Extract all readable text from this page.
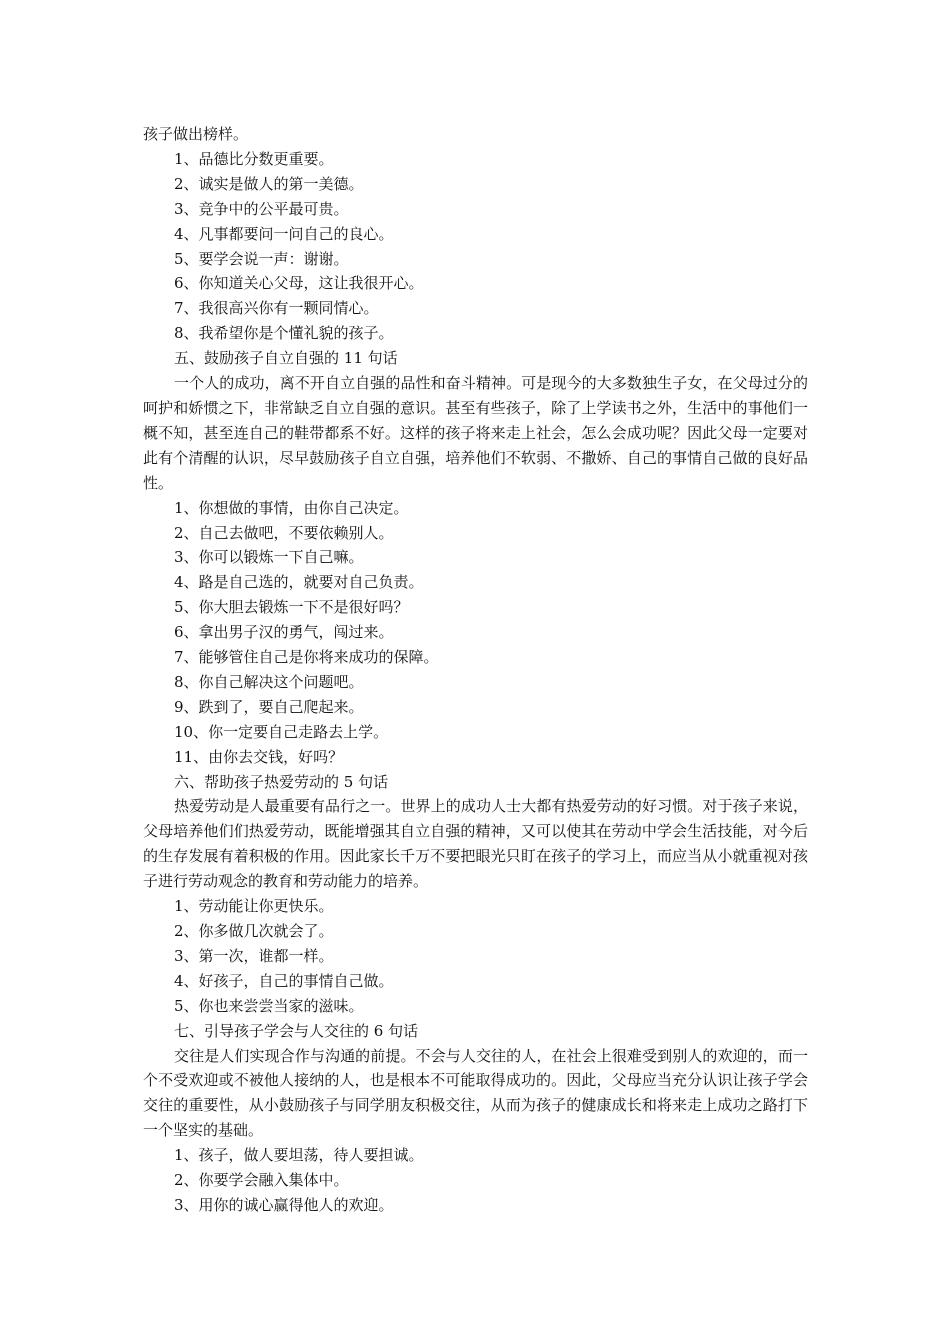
孩子做出榜样。

1、品德比分数更重要。

2、诚实是做人的第一美德。

3、竞争中的公平最可贵。

4、凡事都要问一问自己的良心。

5、要学会说一声：谢谢。

6、你知道关心父母，这让我很开心。

7、我很高兴你有一颗同情心。

8、我希望你是个懂礼貌的孩子。

五、鼓励孩子自立自强的 11 句话

一个人的成功，离不开自立自强的品性和奋斗精神。可是现今的大多数独生子女，在父母过分的呵护和娇惯之下，非常缺乏自立自强的意识。甚至有些孩子，除了上学读书之外，生活中的事他们一概不知，甚至连自己的鞋带都系不好。这样的孩子将来走上社会，怎么会成功呢？因此父母一定要对此有个清醒的认识，尽早鼓励孩子自立自强，培养他们不软弱、不撒娇、自己的事情自己做的良好品性。

1、你想做的事情，由你自己决定。

2、自己去做吧，不要依赖别人。

3、你可以锻炼一下自己嘛。

4、路是自己选的，就要对自己负责。

5、你大胆去锻炼一下不是很好吗？

6、拿出男子汉的勇气，闯过来。

7、能够管住自己是你将来成功的保障。

8、你自己解决这个问题吧。

9、跌到了，要自己爬起来。

10、你一定要自己走路去上学。

11、由你去交钱，好吗？

六、帮助孩子热爱劳动的 5 句话

热爱劳动是人最重要有品行之一。世界上的成功人士大都有热爱劳动的好习惯。对于孩子来说，父母培养他们们热爱劳动，既能增强其自立自强的精神，又可以使其在劳动中学会生活技能，对今后的生存发展有着积极的作用。因此家长千万不要把眼光只盯在孩子的学习上，而应当从小就重视对孩子进行劳动观念的教育和劳动能力的培养。

1、劳动能让你更快乐。

2、你多做几次就会了。

3、第一次，谁都一样。

4、好孩子，自己的事情自己做。

5、你也来尝尝当家的滋味。

七、引导孩子学会与人交往的 6 句话

交往是人们实现合作与沟通的前提。不会与人交往的人，在社会上很难受到别人的欢迎的，而一个不受欢迎或不被他人接纳的人，也是根本不可能取得成功的。因此，父母应当充分认识让孩子学会交往的重要性，从小鼓励孩子与同学朋友积极交往，从而为孩子的健康成长和将来走上成功之路打下一个坚实的基础。

1、孩子，做人要坦荡，待人要担诚。

2、你要学会融入集体中。

3、用你的诚心赢得他人的欢迎。
